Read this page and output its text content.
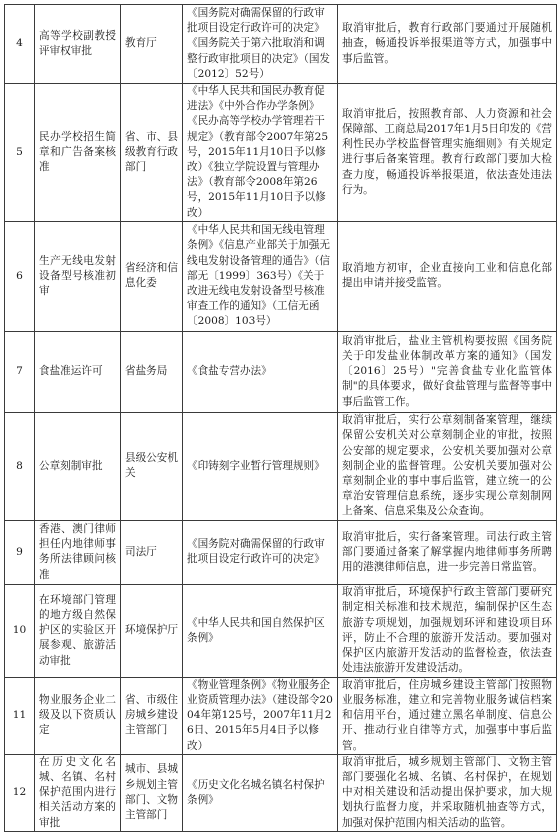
4	高等学校副教授评审权审批	教育厅	《国务院对确需保留的行政审批项目设定行政许可的决定》《国务院关于第六批取消和调整行政审批项目的决定》（国发〔2012〕52号）	取消审批后，教育行政部门要通过开展随机抽查，畅通投诉举报渠道等方式，加强事中事后监管。
5	民办学校招生简章和广告备案核准	省、市、县级教育行政部门	《中华人民共和国民办教育促进法》《中外合作办学条例》《民办高等学校办学管理若干规定》（教育部令2007年第25号，2015年11月10日予以修改）《独立学院设置与管理办法》（教育部令2008年第26号，2015年11月10日予以修改）	取消审批后，按照教育部、人力资源和社会保障部、工商总局2017年1月5日印发的《营利性民办学校监督管理实施细则》有关规定进行事后备案管理。教育行政部门要加大检查力度，畅通投诉举报渠道，依法查处违法行为。
6	生产无线电发射设备型号核准初审	省经济和信息化委	《中华人民共和国无线电管理条例》《信息产业部关于加强无线电发射设备管理的通告》（信部无〔1999〕363号）《关于改进无线电发射设备型号核准审查工作的通知》（工信无函〔2008〕103号）	取消地方初审，企业直接向工业和信息化部提出申请并接受监管。
7	食盐准运许可	省盐务局	《食盐专营办法》	取消审批后，盐业主管机构要按照《国务院关于印发盐业体制改革方案的通知》（国发〔2016〕25号）"完善食盐专业化监管体制"的具体要求，做好食盐管理与监督等事中事后监管工作。
8	公章刻制审批	县级公安机关	《印铸刻字业暂行管理规则》	取消审批后，实行公章刻制备案管理，继续保留公安机关对公章刻制企业的审批，按照公安部的规定要求，公安机关要加强对公章刻制企业的监督管理。公安机关要加强对公章刻制企业的事中事后监管，建立统一的公章治安管理信息系统，逐步实现公章刻制网上备案、信息采集及公众查询。
9	香港、澳门律师担任内地律师事务所法律顾问核准	司法厅	《国务院对确需保留的行政审批项目设定行政许可的决定》	取消审批后，实行备案管理。司法行政主管部门要通过备案了解掌握内地律师事务所聘用的港澳律师信息，进一步完善日常监管。
10	在环境部门管理的地方级自然保护区的实验区开展参观、旅游活动审批	环境保护厅	《中华人民共和国自然保护区条例》	取消审批后，环境保护行政主管部门要研究制定相关标准和技术规范，编制保护区生态旅游专项规划，加强规划环评和建设项目环评，防止不合理的旅游开发活动。要加强对保护区内旅游开发活动的监督检查，依法查处违法旅游开发建设活动。
11	物业服务企业二级及以下资质认定	省、市级住房城乡建设主管部门	《物业管理条例》《物业服务企业资质管理办法》（建设部令2004年第125号，2007年11月26日、2015年5月4日予以修改）	取消审批后，住房城乡建设主管部门按照物业服务标准，建立和完善物业服务诚信档案和信用平台，通过建立黑名单制度、信息公开、推动行业自律等方式，加强事中事后监管。
12	在历史文化名城、名镇、名村保护范围内进行相关活动方案的审批	城市、县城乡规划主管部门、文物主管部门	《历史文化名城名镇名村保护条例》	取消审批后，城乡规划主管部门、文物主管部门要强化名城、名镇、名村保护，在规划中对相关建设和活动提出保护要求，加大规划执行监督力度，并采取随机抽查等方式，加强对保护范围内相关活动的监管。
